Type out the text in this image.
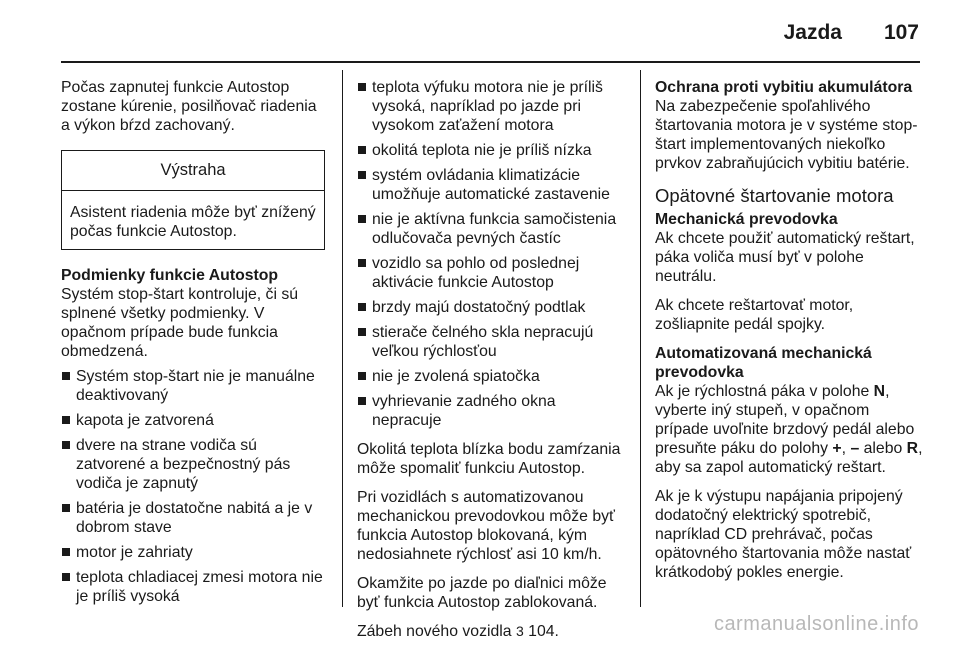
Jazda 107

Počas zapnutej funkcie Autostop zostane kúrenie, posilňovač riadenia a výkon bŕzd zachovaný.

Výstraha
Asistent riadenia môže byť znížený počas funkcie Autostop.

Podmienky funkcie Autostop

Systém stop-štart kontroluje, či sú splnené všetky podmienky. V opačnom prípade bude funkcia obmedzená.

Systém stop-štart nie je manuálne deaktivovaný
kapota je zatvorená
dvere na strane vodiča sú zatvorené a bezpečnostný pás vodiča je zapnutý
batéria je dostatočne nabitá a je v dobrom stave
motor je zahriaty
teplota chladiacej zmesi motora nie je príliš vysoká
teplota výfuku motora nie je príliš vysoká, napríklad po jazde pri vysokom zaťažení motora
okolitá teplota nie je príliš nízka
systém ovládania klimatizácie umožňuje automatické zastavenie
nie je aktívna funkcia samočistenia odlučovača pevných častíc
vozidlo sa pohlo od poslednej aktivácie funkcie Autostop
brzdy majú dostatočný podtlak
stierače čelného skla nepracujú veľkou rýchlosťou
nie je zvolená spiatočka
vyhrievanie zadného okna nepracuje

Okolitá teplota blízka bodu zamŕzania môže spomaliť funkciu Autostop.

Pri vozidlách s automatizovanou mechanickou prevodovkou môže byť funkcia Autostop blokovaná, kým nedosiahnete rýchlosť asi 10 km/h.

Okamžite po jazde po diaľnici môže byť funkcia Autostop zablokovaná.

Zábeh nového vozidla 3 104.

Ochrana proti vybitiu akumulátora

Na zabezpečenie spoľahlivého štartovania motora je v systéme stop-štart implementovaných niekoľko prvkov zabraňujúcich vybitiu batérie.

Opätovné štartovanie motora

Mechanická prevodovka

Ak chcete použiť automatický reštart, páka voliča musí byť v polohe neutrálu.

Ak chcete reštartovať motor, zošliapnite pedál spojky.

Automatizovaná mechanická prevodovka

Ak je rýchlostná páka v polohe N, vyberte iný stupeň, v opačnom prípade uvoľnite brzdový pedál alebo presuňte páku do polohy +, – alebo R, aby sa zapol automatický reštart.

Ak je k výstupu napájania pripojený dodatočný elektrický spotrebič, napríklad CD prehrávač, počas opätovného štartovania môže nastať krátkodobý pokles energie.

carmanualsonline.info
